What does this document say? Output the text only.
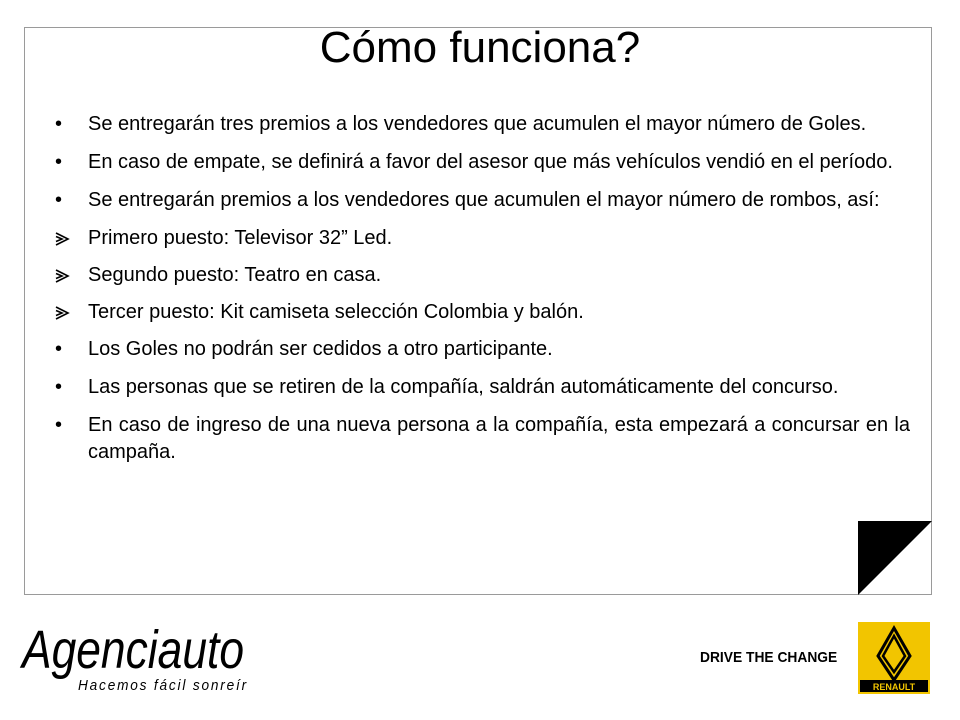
Cómo funciona?
•	Se entregarán tres premios a los vendedores que acumulen el mayor número de Goles.
•	En caso de empate, se definirá a favor del asesor que más vehículos vendió en el período.
•	Se entregarán premios a los vendedores que acumulen el mayor número de rombos, así:
Primero puesto: Televisor 32” Led.
Segundo puesto: Teatro en casa.
Tercer puesto: Kit camiseta selección Colombia y balón.
•	Los Goles no podrán ser cedidos a otro participante.
•	Las personas que se retiren de la compañía, saldrán automáticamente del concurso.
•	En caso de ingreso de una nueva persona a la compañía, esta empezará a concursar en la campaña.
Agenciauto
Hacemos fácil sonreír
DRIVE THE CHANGE
RENAULT
